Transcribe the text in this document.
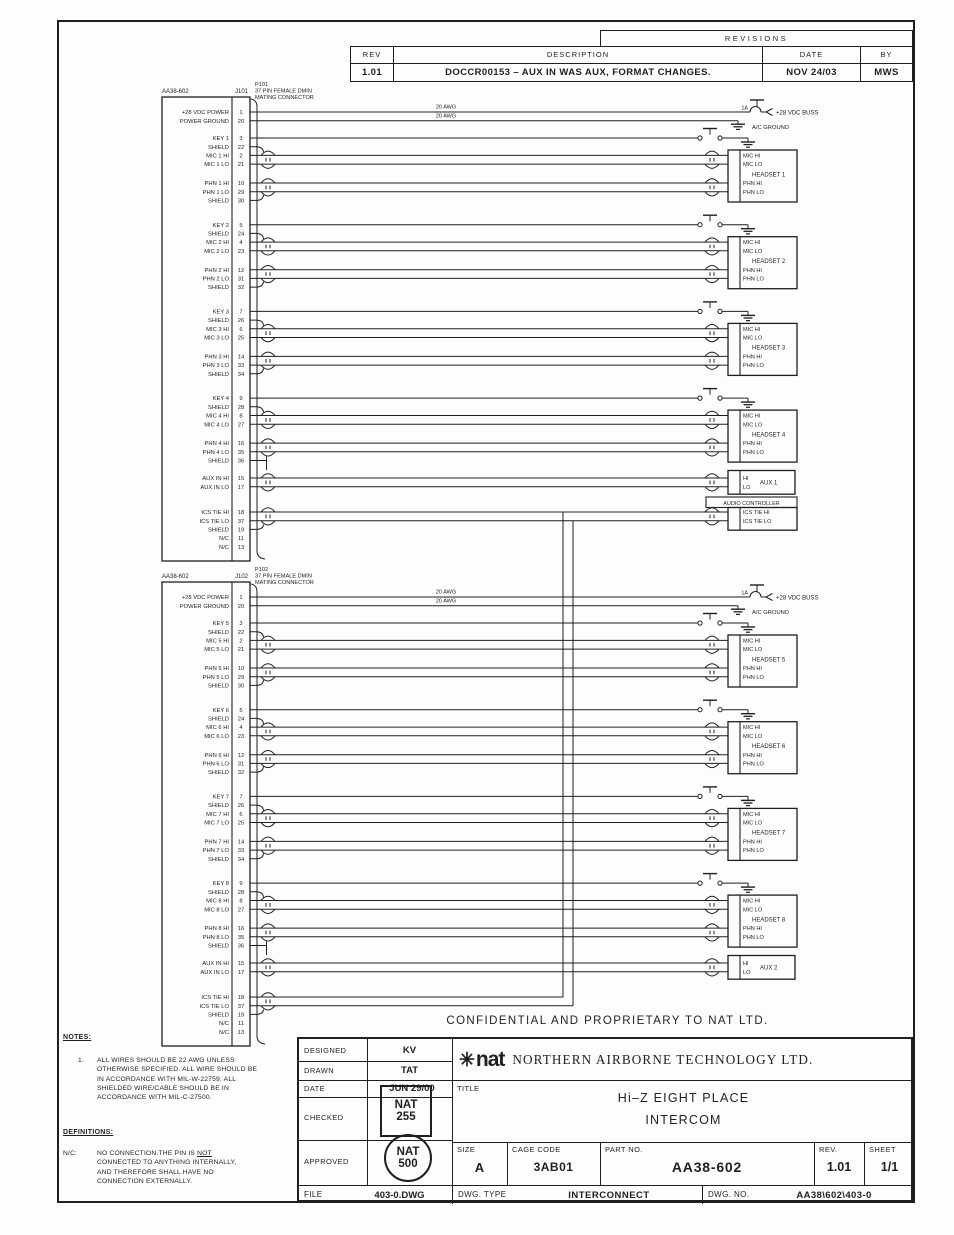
AA38-602	J101
P101
37 PIN FEMALE DMIN
MATING CONNECTOR
+28 VDC POWER 1
POWER GROUND 20
KEY 1 3
SHIELD 22
MIC 1 HI 2
MIC 1 LO 21
PHN 1 HI 10
PHN 1 LO 29
SHIELD 30
KEY 2 5
SHIELD 24
MIC 2 HI 4
MIC 2 LO 23
PHN 2 HI 12
PHN 2 LO 31
SHIELD 32
KEY 3 7
SHIELD 26
MIC 3 HI 6
MIC 3 LO 25
PHN 3 HI 14
PHN 3 LO 33
SHIELD 34
KEY 4 9
SHIELD 28
MIC 4 HI 8
MIC 4 LO 27
PHN 4 HI 16
PHN 4 LO 35
SHIELD 36
AUX IN HI 15
AUX IN LO 17
ICS TIE HI 18
ICS TIE LO 37
SHIELD 19
N/C 11
N/C 13
20 AWG
20 AWG
1A
+28 VDC BUSS
A/C GROUND
MIC HI
MIC LO
HEADSET 1
PHN HI
PHN LO
MIC HI
MIC LO
HEADSET 2
PHN HI
PHN LO
MIC HI
MIC LO
HEADSET 3
PHN HI
PHN LO
MIC HI
MIC LO
HEADSET 4
PHN HI
PHN LO
HI
LO
AUX 1
AUDIO CONTROLLER
ICS TIE HI
ICS TIE LO
AA38-602	J102
P102
37 PIN FEMALE DMIN
MATING CONNECTOR
+28 VDC POWER 1
POWER GROUND 20
KEY 5 3
SHIELD 22
MIC 5 HI 2
MIC 5 LO 21
PHN 5 HI 10
PHN 5 LO 29
SHIELD 30
KEY 6 5
SHIELD 24
MIC 6 HI 4
MIC 6 LO 23
PHN 6 HI 12
PHN 6 LO 31
SHIELD 32
KEY 7 7
SHIELD 26
MIC 7 HI 6
MIC 7 LO 25
PHN 7 HI 14
PHN 7 LO 33
SHIELD 34
KEY 8 9
SHIELD 28
MIC 8 HI 8
MIC 8 LO 27
PHN 8 HI 16
PHN 8 LO 35
SHIELD 36
AUX IN HI 15
AUX IN LO 17
ICS TIE HI 18
ICS TIE LO 37
SHIELD 19
N/C 11
N/C 13
20 AWG
20 AWG
1A
+28 VDC BUSS
A/C GROUND
MIC HI
MIC LO
HEADSET 5
PHN HI
PHN LO
MIC HI
MIC LO
HEADSET 6
PHN HI
PHN LO
MIC HI
MIC LO
HEADSET 7
PHN HI
PHN LO
MIC HI
MIC LO
HEADSET 8
PHN HI
PHN LO
HI
LO
AUX 2
REVISIONS
REV	DESCRIPTION	DATE	BY
1.01	DOCCR00153 – AUX IN WAS AUX, FORMAT CHANGES.	NOV 24/03	MWS
CONFIDENTIAL AND PROPRIETARY TO NAT LTD.
NOTES:
1. ALL WIRES SHOULD BE 22 AWG UNLESS
OTHERWISE SPECIFIED. ALL WIRE SHOULD BE
IN ACCORDANCE WITH MIL-W-22759. ALL
SHIELDED WIRE/CABLE SHOULD BE IN
ACCORDANCE WITH MIL-C-27500.
DEFINITIONS:
N/C:	NO CONNECTION.THE PIN IS NOT
CONNECTED TO ANYTHING INTERNALLY,
AND THEREFORE SHALL HAVE NO
CONNECTION EXTERNALLY.
DESIGNED	KV
DRAWN	TAT
DATE	JUN 29/00
CHECKED
APPROVED
FILE	403-0.DWG	DWG. TYPE	INTERCONNECT	DWG. NO.	AA38\602\403-0
✳ nat NORTHERN AIRBORNE TECHNOLOGY LTD.
TITLE
Hi–Z EIGHT PLACE
INTERCOM
SIZE
A
CAGE CODE
3AB01
PART NO.
AA38-602
REV.
1.01
SHEET
1/1
NAT
255
NAT
500
